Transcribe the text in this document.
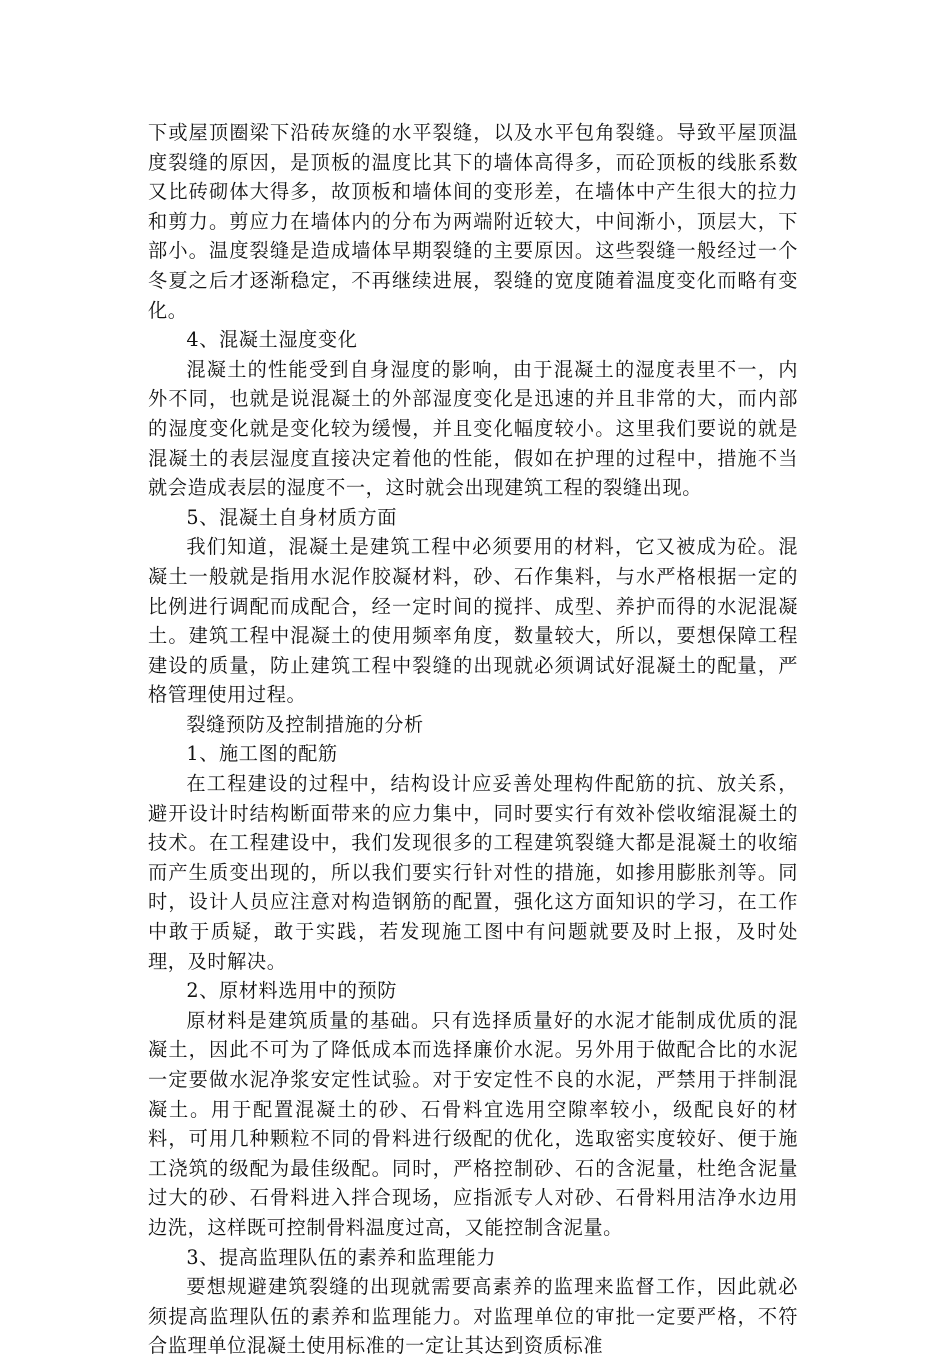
下或屋顶圈梁下沿砖灰缝的水平裂缝，以及水平包角裂缝。导致平屋顶温度裂缝的原因，是顶板的温度比其下的墙体高得多，而砼顶板的线胀系数又比砖砌体大得多，故顶板和墙体间的变形差，在墙体中产生很大的拉力和剪力。剪应力在墙体内的分布为两端附近较大，中间渐小，顶层大，下部小。温度裂缝是造成墙体早期裂缝的主要原因。这些裂缝一般经过一个冬夏之后才逐渐稳定，不再继续进展，裂缝的宽度随着温度变化而略有变化。

4、混凝土湿度变化

混凝土的性能受到自身湿度的影响，由于混凝土的湿度表里不一，内外不同，也就是说混凝土的外部湿度变化是迅速的并且非常的大，而内部的湿度变化就是变化较为缓慢，并且变化幅度较小。这里我们要说的就是混凝土的表层湿度直接决定着他的性能，假如在护理的过程中，措施不当就会造成表层的湿度不一，这时就会出现建筑工程的裂缝出现。

5、混凝土自身材质方面

我们知道，混凝土是建筑工程中必须要用的材料，它又被成为砼。混凝土一般就是指用水泥作胶凝材料，砂、石作集料，与水严格根据一定的比例进行调配而成配合，经一定时间的搅拌、成型、养护而得的水泥混凝土。建筑工程中混凝土的使用频率角度，数量较大，所以，要想保障工程建设的质量，防止建筑工程中裂缝的出现就必须调试好混凝土的配量，严格管理使用过程。

裂缝预防及控制措施的分析

1、施工图的配筋

在工程建设的过程中，结构设计应妥善处理构件配筋的抗、放关系，避开设计时结构断面带来的应力集中，同时要实行有效补偿收缩混凝土的技术。在工程建设中，我们发现很多的工程建筑裂缝大都是混凝土的收缩而产生质变出现的，所以我们要实行针对性的措施，如掺用膨胀剂等。同时，设计人员应注意对构造钢筋的配置，强化这方面知识的学习，在工作中敢于质疑，敢于实践，若发现施工图中有问题就要及时上报，及时处理，及时解决。

2、原材料选用中的预防

原材料是建筑质量的基础。只有选择质量好的水泥才能制成优质的混凝土，因此不可为了降低成本而选择廉价水泥。另外用于做配合比的水泥一定要做水泥净浆安定性试验。对于安定性不良的水泥，严禁用于拌制混凝土。用于配置混凝土的砂、石骨料宜选用空隙率较小，级配良好的材料，可用几种颗粒不同的骨料进行级配的优化，选取密实度较好、便于施工浇筑的级配为最佳级配。同时，严格控制砂、石的含泥量，杜绝含泥量过大的砂、石骨料进入拌合现场，应指派专人对砂、石骨料用洁净水边用边洗，这样既可控制骨料温度过高，又能控制含泥量。

3、提高监理队伍的素养和监理能力

要想规避建筑裂缝的出现就需要高素养的监理来监督工作，因此就必须提高监理队伍的素养和监理能力。对监理单位的审批一定要严格，不符合监理单位混凝土使用标准的一定让其达到资质标准
